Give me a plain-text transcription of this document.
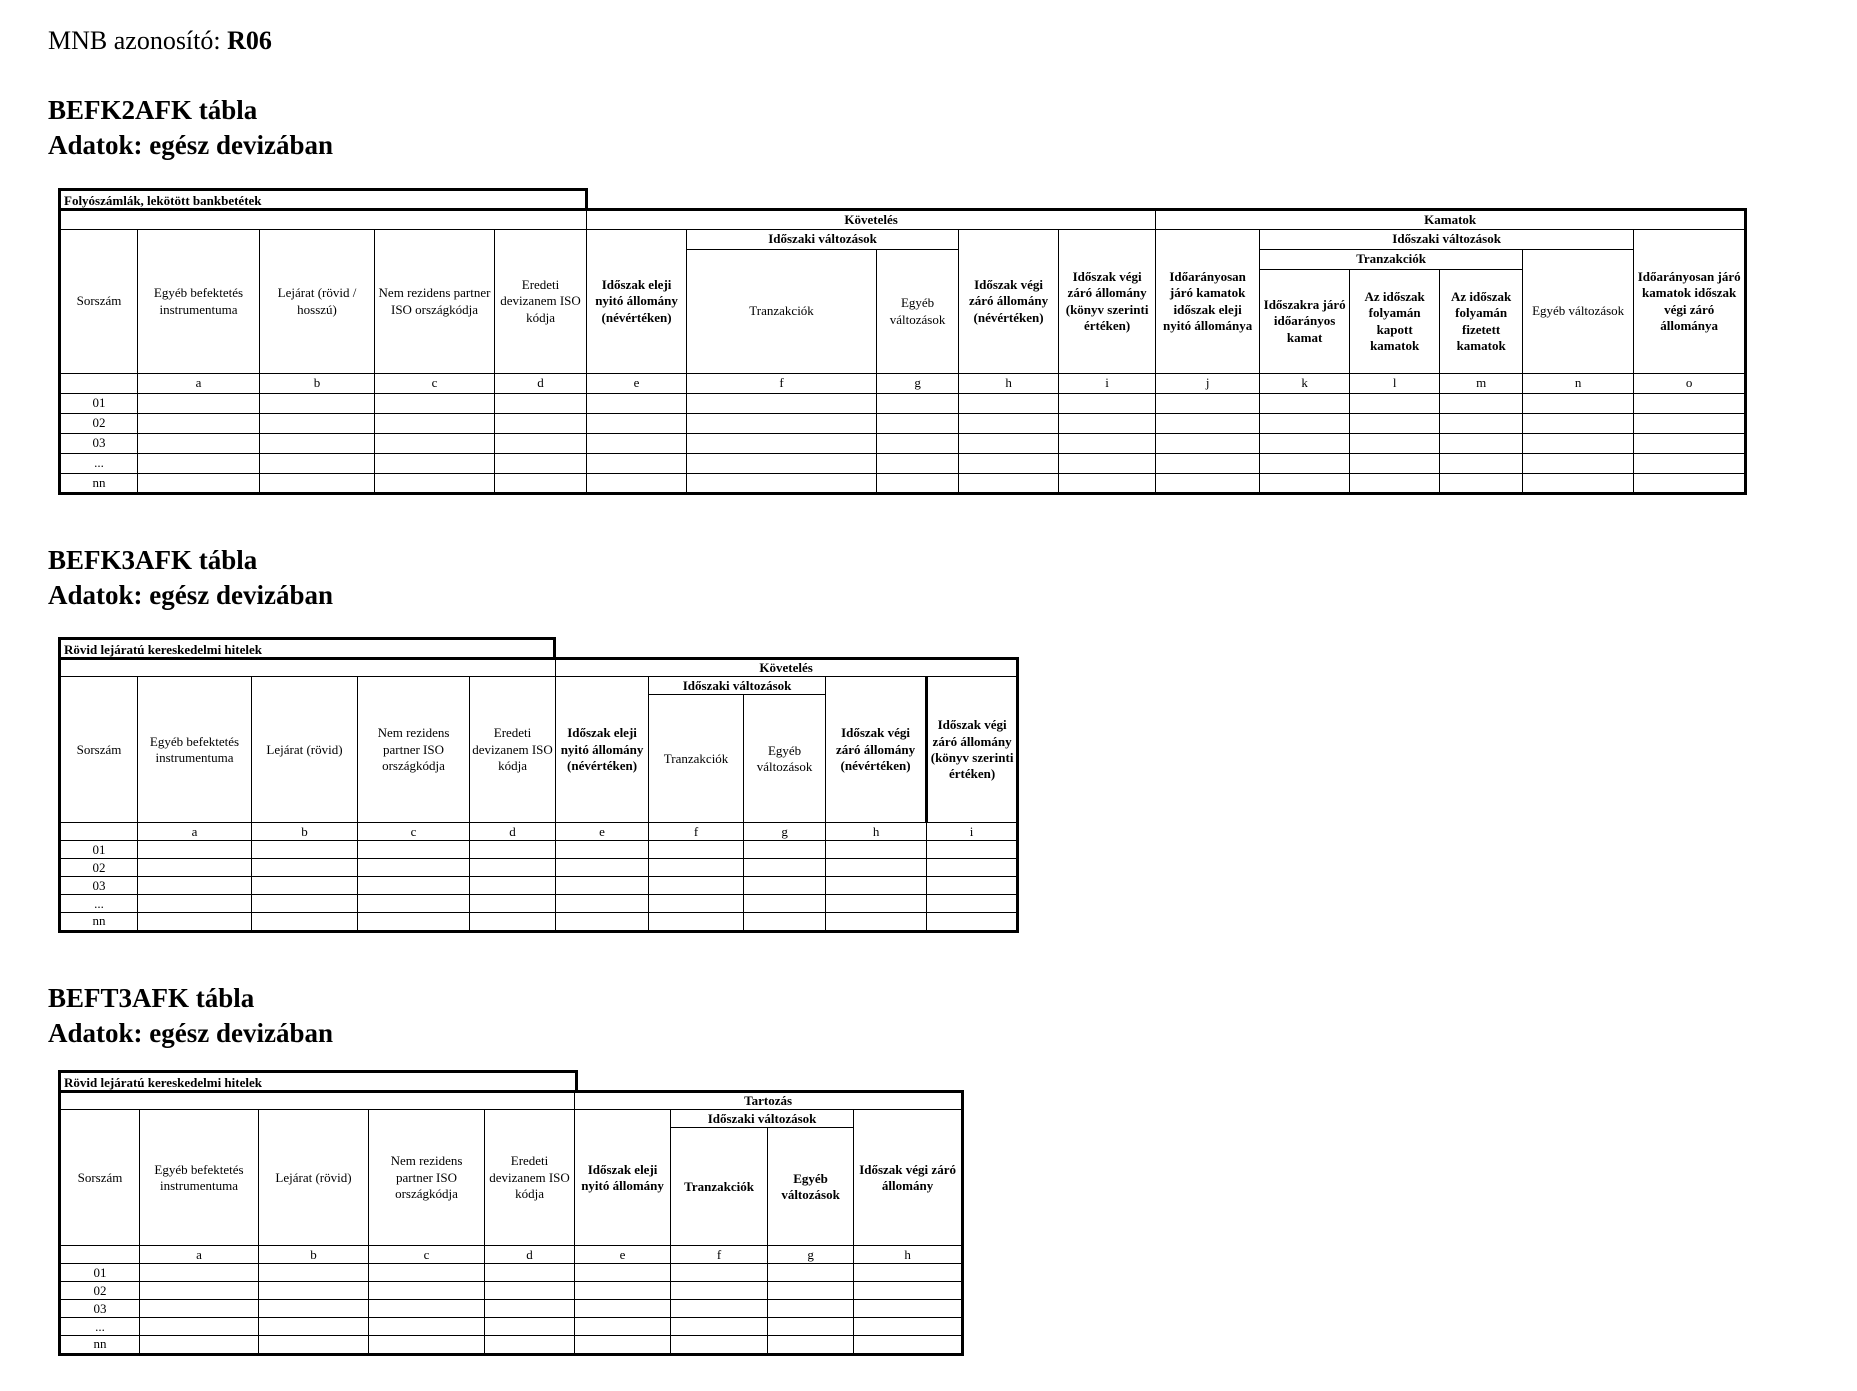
MNB azonosító: R06
BEFK2AFK tábla
Adatok: egész devizában
Folyószámlák, lekötött bankbetétek
					Követelés					Kamatok					
Sorszám	Egyéb befektetés instrumentuma	Lejárat (rövid / hosszú)	Nem rezidens partner ISO országkódja	Eredeti devizanem ISO kódja	Időszak eleji nyitó állomány (névértéken)	Időszaki változások		Időszak végi záró állomány (névértéken)	Időszak végi záró állomány (könyv szerinti értéken)	Időarányosan járó kamatok időszak eleji nyitó állománya	Időszaki változások				Időarányosan járó kamatok időszak végi záró állománya
						Tranzakciók	Egyéb változások				Tranzakciók			Egyéb változások	
											Időszakra járó időarányos kamat	Az időszak folyamán kapott kamatok	Az időszak folyamán fizetett kamatok		
	a	b	c	d	e	f	g	h	i	j	k	l	m	n	o
01															
02															
03															
...															
nn															
BEFK3AFK tábla
Adatok: egész devizában
Rövid lejáratú kereskedelmi hitelek
					Követelés				
Sorszám	Egyéb befektetés instrumentuma	Lejárat (rövid)	Nem rezidens partner ISO országkódja	Eredeti devizanem ISO kódja	Időszak eleji nyitó állomány (névértéken)	Időszaki változások		Időszak végi záró állomány (névértéken)	Időszak végi záró állomány (könyv szerinti értéken)
						Tranzakciók	Egyéb változások		
	a	b	c	d	e	f	g	h	i
01									
02									
03									
...									
nn									
BEFT3AFK tábla
Adatok: egész devizában
Rövid lejáratú kereskedelmi hitelek
					Tartozás			
Sorszám	Egyéb befektetés instrumentuma	Lejárat (rövid)	Nem rezidens partner ISO országkódja	Eredeti devizanem ISO kódja	Időszak eleji nyitó állomány	Időszaki változások		Időszak végi záró állomány
						Tranzakciók	Egyéb változások	
	a	b	c	d	e	f	g	h
01								
02								
03								
...								
nn								
